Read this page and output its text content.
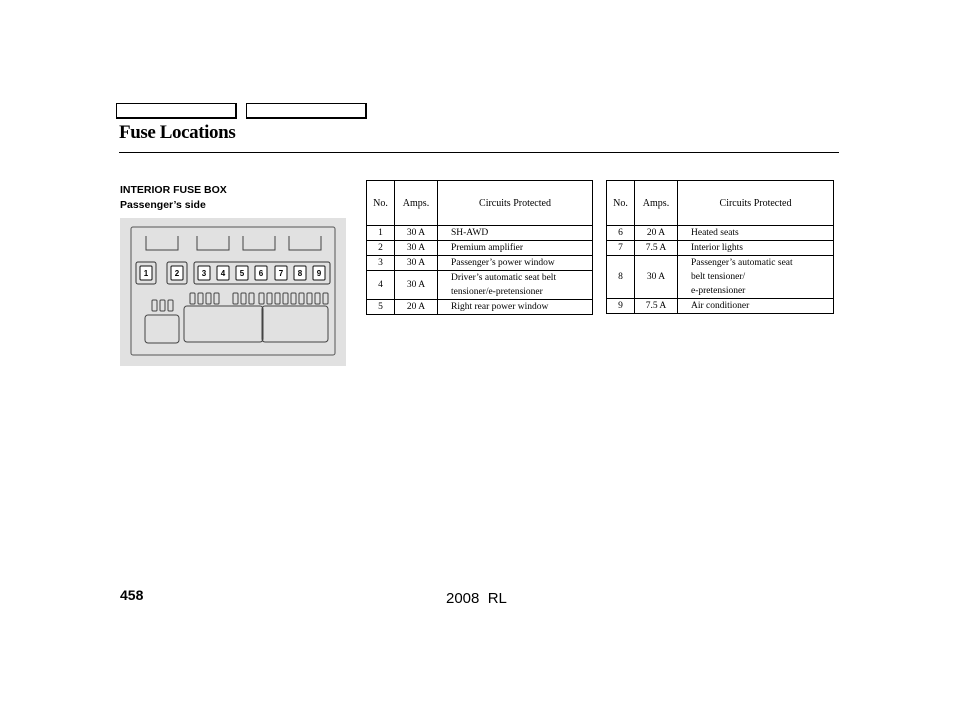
Fuse Locations
INTERIOR FUSE BOX
Passenger’s side
1	2	3	4	5	6	7	8	9
No.	Amps.	Circuits Protected
1	30 A	SH-AWD
2	30 A	Premium amplifier
3	30 A	Passenger’s power window
4	30 A	Driver’s automatic seat belt
tensioner/e-pretensioner

5	20 A	Right rear power window
No.	Amps.	Circuits Protected
6	20 A	Heated seats
7	7.5 A	Interior lights
8	30 A	Passenger’s automatic seat
belt tensioner/
e-pretensioner

9	7.5 A	Air conditioner
458	2008  RL
